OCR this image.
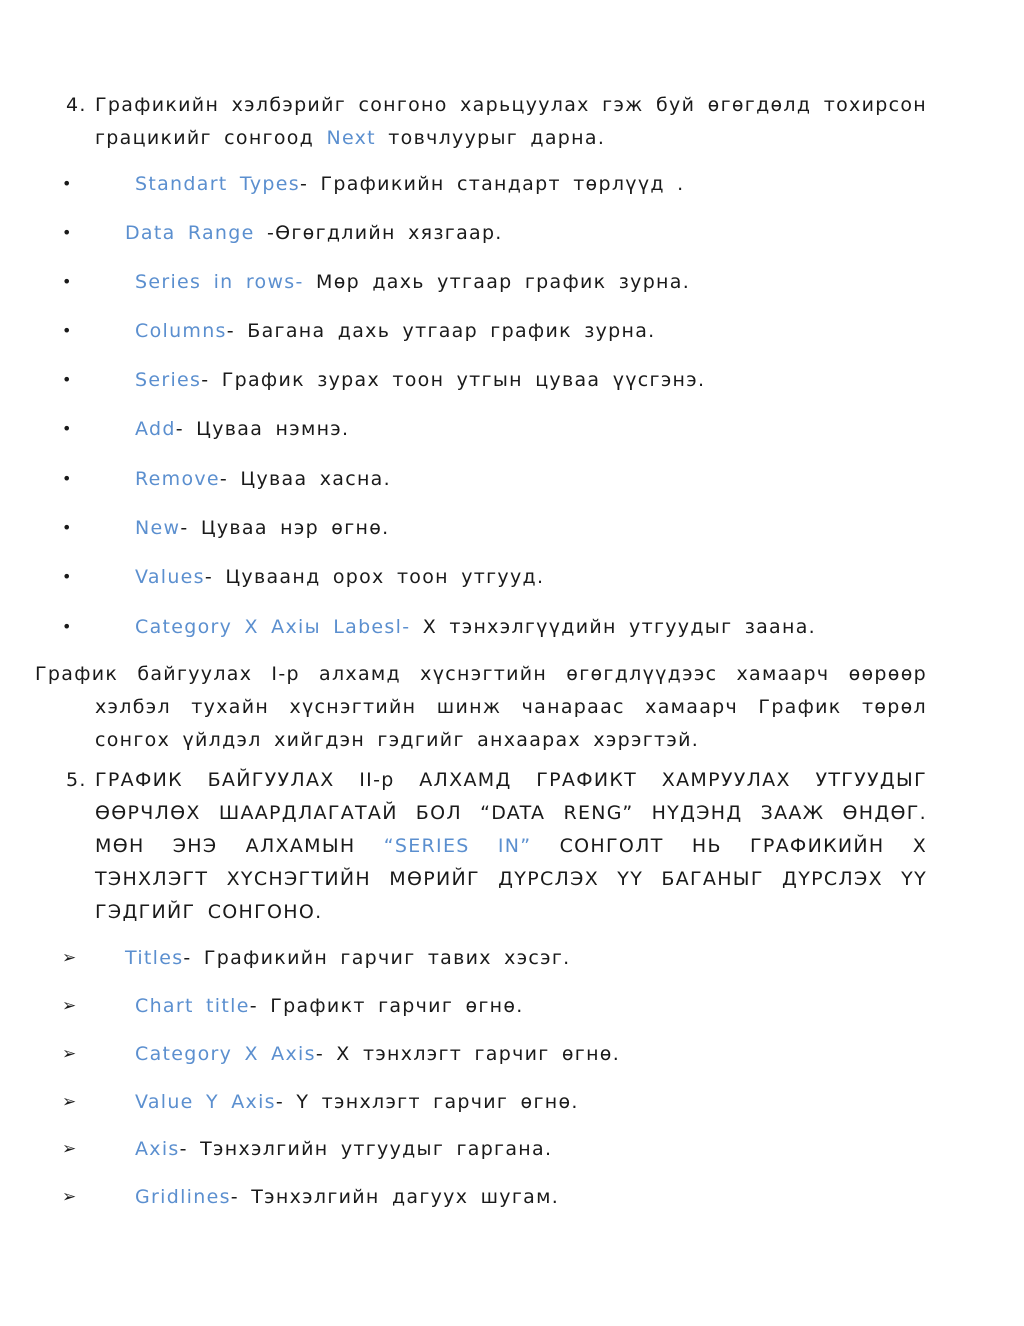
4. Графикийн хэлбэрийг сонгоно харьцуулах гэж буй өгөгдөлд тохирсон
грацикийг сонгоод Next товчлуурыг дарна.
•	Standart Types- Графикийн стандарт төрлүүд .
•	Data Range -Өгөгдлийн хязгаар.
•	Series in rows- Мөр дахь утгаар график зурна.
•	Columns- Багана дахь утгаар график зурна.
•	Series- График зурах тоон утгын цуваа үүсгэнэ.
•	Add- Цуваа нэмнэ.
•	Remove- Цуваа хасна.
•	New- Цуваа нэр өгнө.
•	Values- Цуваанд орох тоон утгууд.
•	Category X Axiы Labesl- X тэнхэлгүүдийн утгуудыг заана.
График байгуулах I-р алхамд хүснэгтийн өгөгдлүүдээс хамаарч өөрөөр
хэлбэл тухайн хүснэгтийн шинж чанараас хамаарч График төрөл
сонгох үйлдэл хийгдэн гэдгийг анхаарах хэрэгтэй.
5. ГРАФИК БАЙГУУЛАХ II-р АЛХАМД ГРАФИКТ ХАМРУУЛАХ УТГУУДЫГ
ӨӨРЧЛӨХ ШААРДЛАГАТАЙ БОЛ “DATA RENG” НҮДЭНД ЗААЖ ӨНДӨГ.
МӨН ЭНЭ АЛХАМЫН “SERIES IN” СОНГОЛТ НЬ ГРАФИКИЙН X
ТЭНХЛЭГТ ХҮСНЭГТИЙН МӨРИЙГ ДҮРСЛЭХ ҮҮ БАГАНЫГ ДҮРСЛЭХ ҮҮ
ГЭДГИЙГ СОНГОНО.
➢ Titles- Графикийн гарчиг тавих хэсэг.
➢	Chart title- Графикт гарчиг өгнө.
➢	Category X Axis- X тэнхлэгт гарчиг өгнө.
➢	Value Y Axis- Y тэнхлэгт гарчиг өгнө.
➢	Axis- Тэнхэлгийн утгуудыг гаргана.
➢	Gridlines- Тэнхэлгийн дагуух шугам.
